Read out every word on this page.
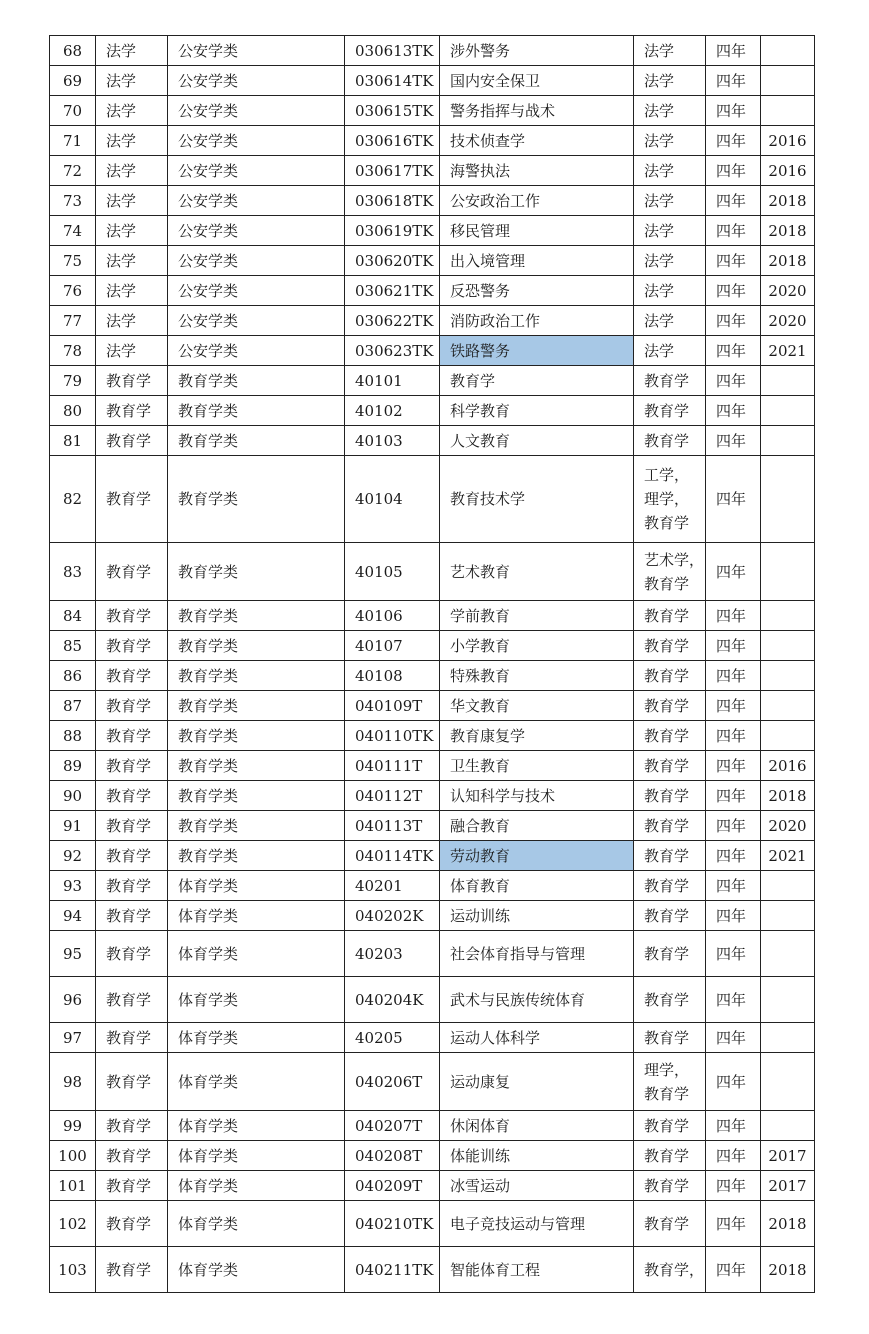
68	法学	公安学类	030613TK	涉外警务	法学	四年	
69	法学	公安学类	030614TK	国内安全保卫	法学	四年	
70	法学	公安学类	030615TK	警务指挥与战术	法学	四年	
71	法学	公安学类	030616TK	技术侦查学	法学	四年	2016
72	法学	公安学类	030617TK	海警执法	法学	四年	2016
73	法学	公安学类	030618TK	公安政治工作	法学	四年	2018
74	法学	公安学类	030619TK	移民管理	法学	四年	2018
75	法学	公安学类	030620TK	出入境管理	法学	四年	2018
76	法学	公安学类	030621TK	反恐警务	法学	四年	2020
77	法学	公安学类	030622TK	消防政治工作	法学	四年	2020
78	法学	公安学类	030623TK	铁路警务	法学	四年	2021
79	教育学	教育学类	40101	教育学	教育学	四年	
80	教育学	教育学类	40102	科学教育	教育学	四年	
81	教育学	教育学类	40103	人文教育	教育学	四年	
82	教育学	教育学类	40104	教育技术学	工学，
理学，
教育学	四年	
83	教育学	教育学类	40105	艺术教育	艺术学，
教育学	四年	
84	教育学	教育学类	40106	学前教育	教育学	四年	
85	教育学	教育学类	40107	小学教育	教育学	四年	
86	教育学	教育学类	40108	特殊教育	教育学	四年	
87	教育学	教育学类	040109T	华文教育	教育学	四年	
88	教育学	教育学类	040110TK	教育康复学	教育学	四年	
89	教育学	教育学类	040111T	卫生教育	教育学	四年	2016
90	教育学	教育学类	040112T	认知科学与技术	教育学	四年	2018
91	教育学	教育学类	040113T	融合教育	教育学	四年	2020
92	教育学	教育学类	040114TK	劳动教育	教育学	四年	2021
93	教育学	体育学类	40201	体育教育	教育学	四年	
94	教育学	体育学类	040202K	运动训练	教育学	四年	
95	教育学	体育学类	40203	社会体育指导与管理	教育学	四年	
96	教育学	体育学类	040204K	武术与民族传统体育	教育学	四年	
97	教育学	体育学类	40205	运动人体科学	教育学	四年	
98	教育学	体育学类	040206T	运动康复	理学，
教育学	四年	
99	教育学	体育学类	040207T	休闲体育	教育学	四年	
100	教育学	体育学类	040208T	体能训练	教育学	四年	2017
101	教育学	体育学类	040209T	冰雪运动	教育学	四年	2017
102	教育学	体育学类	040210TK	电子竞技运动与管理	教育学	四年	2018
103	教育学	体育学类	040211TK	智能体育工程	教育学，	四年	2018
